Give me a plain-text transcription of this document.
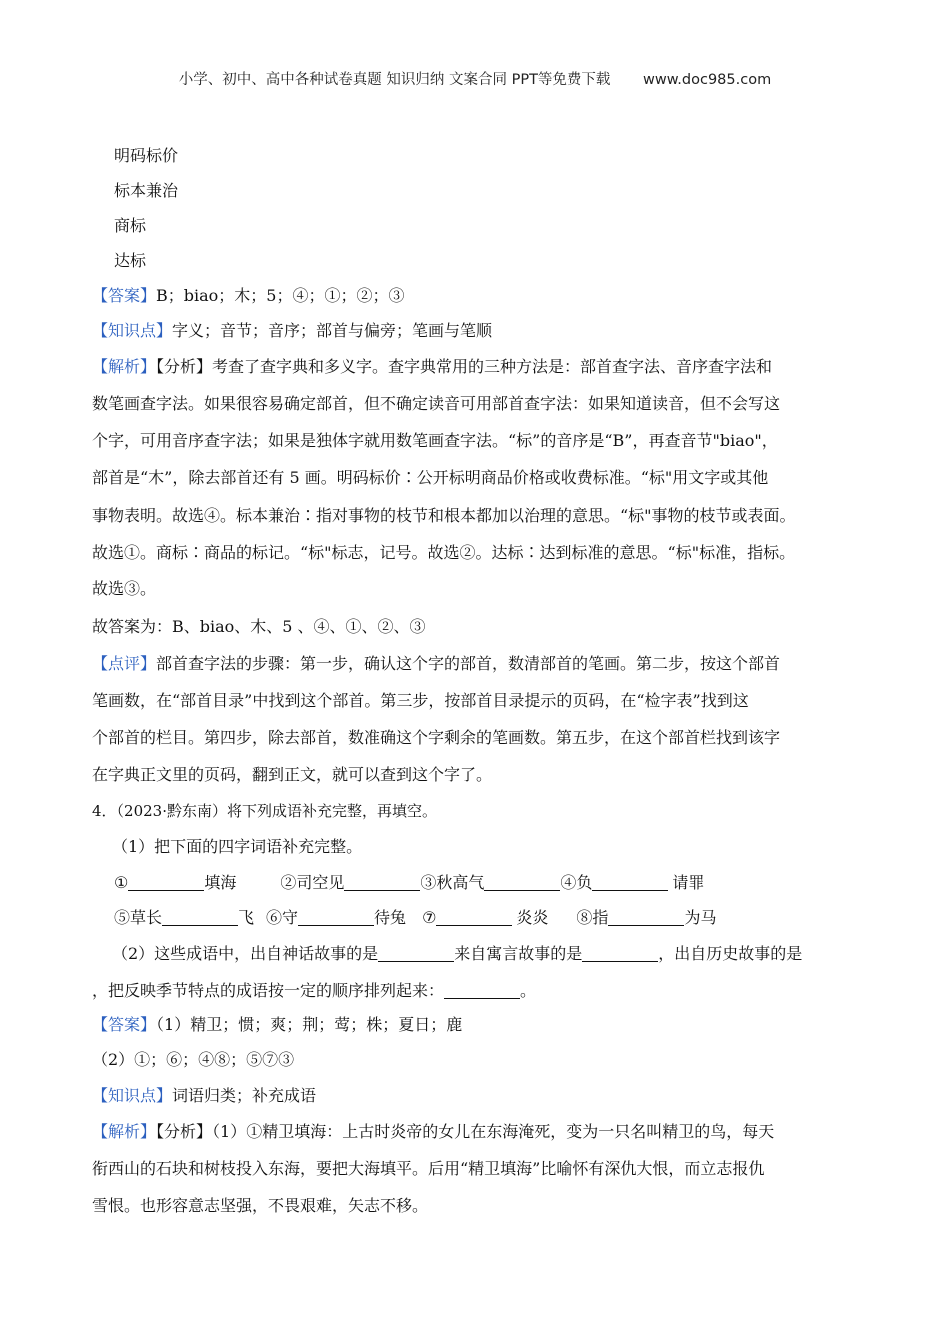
小学、初中、高中各种试卷真题 知识归纳 文案合同 PPT等免费下载 www.doc985.com
明码标价
标本兼治
商标
达标
【答案】B；biao；木；5；④；①；②；③
【知识点】字义；音节；音序；部首与偏旁；笔画与笔顺
【解析】【分析】考查了查字典和多义字。查字典常用的三种方法是：部首查字法、音序查字法和
数笔画查字法。如果很容易确定部首，但不确定读音可用部首查字法：如果知道读音，但不会写这
个字，可用音序查字法；如果是独体字就用数笔画查字法。“标”的音序是“B”，再查音节"biao"，
部首是“木”，除去部首还有 5 画。明码标价∶公开标明商品价格或收费标准。“标"用文字或其他
事物表明。故选④。标本兼治∶指对事物的枝节和根本都加以治理的意思。“标"事物的枝节或表面。
故选①。商标∶商品的标记。“标"标志，记号。故选②。达标∶达到标准的意思。“标"标准，指标。
故选③。
故答案为：B、biao、木、5 、④、①、②、③
【点评】部首查字法的步骤：第一步，确认这个字的部首，数清部首的笔画。第二步，按这个部首
笔画数，在“部首目录”中找到这个部首。第三步，按部首目录提示的页码，在“检字表”找到这
个部首的栏目。第四步，除去部首，数准确这个字剩余的笔画数。第五步，在这个部首栏找到该字
在字典正文里的页码，翻到正文，就可以查到这个字了。
4．（2023·黔东南）将下列成语补充完整，再填空。
（1）把下面的四字词语补充完整。
①	填海	②司空见	③秋高气	④负	请罪
⑤草长	飞 ⑥守	待兔 ⑦	炎炎 ⑧指	为马
（2）这些成语中，出自神话故事的是	来自寓言故事的是	，出自历史故事的是
，把反映季节特点的成语按一定的顺序排列起来：	。
【答案】（1）精卫；惯；爽；荆；莺；株；夏日；鹿
（2）①；⑥；④⑧；⑤⑦③
【知识点】词语归类；补充成语
【解析】【分析】（1）①精卫填海：上古时炎帝的女儿在东海淹死，变为一只名叫精卫的鸟，每天
衔西山的石块和树枝投入东海，要把大海填平。后用“精卫填海”比喻怀有深仇大恨，而立志报仇
雪恨。也形容意志坚强，不畏艰难，矢志不移。
